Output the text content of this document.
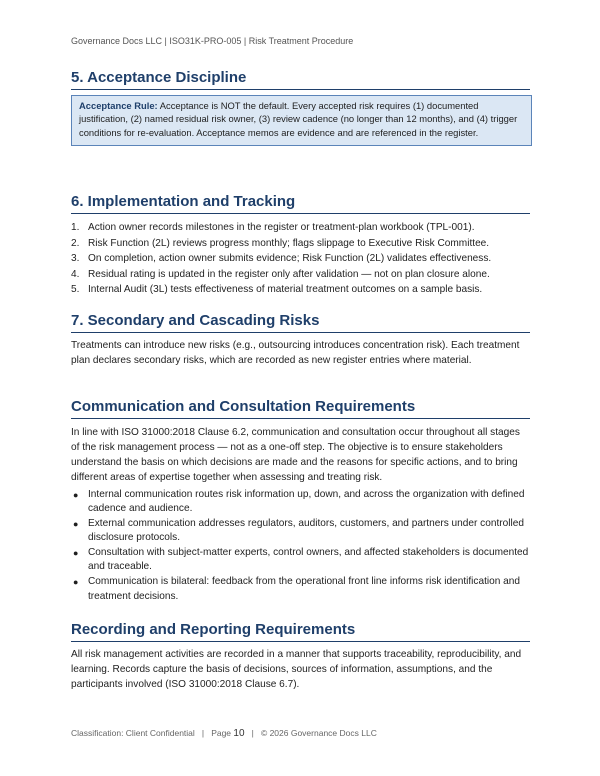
Governance Docs LLC | ISO31K-PRO-005 | Risk Treatment Procedure
5. Acceptance Discipline
Acceptance Rule: Acceptance is NOT the default. Every accepted risk requires (1) documented justification, (2) named residual risk owner, (3) review cadence (no longer than 12 months), and (4) trigger conditions for re-evaluation. Acceptance memos are evidence and are referenced in the register.
6. Implementation and Tracking
1. Action owner records milestones in the register or treatment-plan workbook (TPL-001).
2. Risk Function (2L) reviews progress monthly; flags slippage to Executive Risk Committee.
3. On completion, action owner submits evidence; Risk Function (2L) validates effectiveness.
4. Residual rating is updated in the register only after validation — not on plan closure alone.
5. Internal Audit (3L) tests effectiveness of material treatment outcomes on a sample basis.
7. Secondary and Cascading Risks

Treatments can introduce new risks (e.g., outsourcing introduces concentration risk). Each treatment plan declares secondary risks, which are recorded as new register entries where material.

Communication and Consultation Requirements

In line with ISO 31000:2018 Clause 6.2, communication and consultation occur throughout all stages of the risk management process — not as a one-off step. The objective is to ensure stakeholders understand the basis on which decisions are made and the reasons for specific actions, and to bring different areas of expertise together when assessing and treating risk.

● Internal communication routes risk information up, down, and across the organization with defined cadence and audience.
● External communication addresses regulators, auditors, customers, and partners under controlled disclosure protocols.
● Consultation with subject-matter experts, control owners, and affected stakeholders is documented and traceable.
● Communication is bilateral: feedback from the operational front line informs risk identification and treatment decisions.
Recording and Reporting Requirements

All risk management activities are recorded in a manner that supports traceability, reproducibility, and learning. Records capture the basis of decisions, sources of information, assumptions, and the participants involved (ISO 31000:2018 Clause 6.7).

Classification: Client Confidential | Page 10 | © 2026 Governance Docs LLC
